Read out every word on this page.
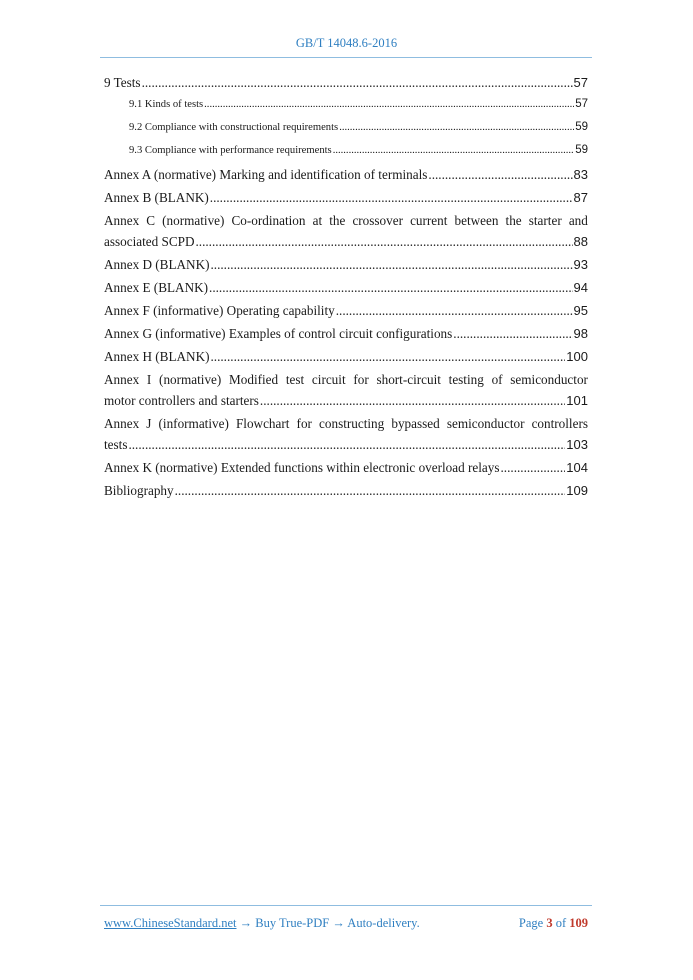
GB/T 14048.6-2016
9 Tests .....	57
9.1 Kinds of tests .....	57
9.2 Compliance with constructional requirements .....	59
9.3 Compliance with performance requirements .....	59
Annex A (normative) Marking and identification of terminals .....	83
Annex B (BLANK) .....	87
Annex C (normative) Co-ordination at the crossover current between the starter and
associated SCPD .....	88
Annex D (BLANK) .....	93
Annex E (BLANK) .....	94
Annex F (informative) Operating capability .....	95
Annex G (informative) Examples of control circuit configurations .....	98
Annex H (BLANK) .....	100
Annex I (normative) Modified test circuit for short-circuit testing of semiconductor
motor controllers and starters .....	101
Annex J (informative) Flowchart for constructing bypassed semiconductor controllers
tests .....	103
Annex K (normative) Extended functions within electronic overload relays .....	104
Bibliography .....	109
www.ChineseStandard.net → Buy True-PDF → Auto-delivery.	Page 3 of 109
